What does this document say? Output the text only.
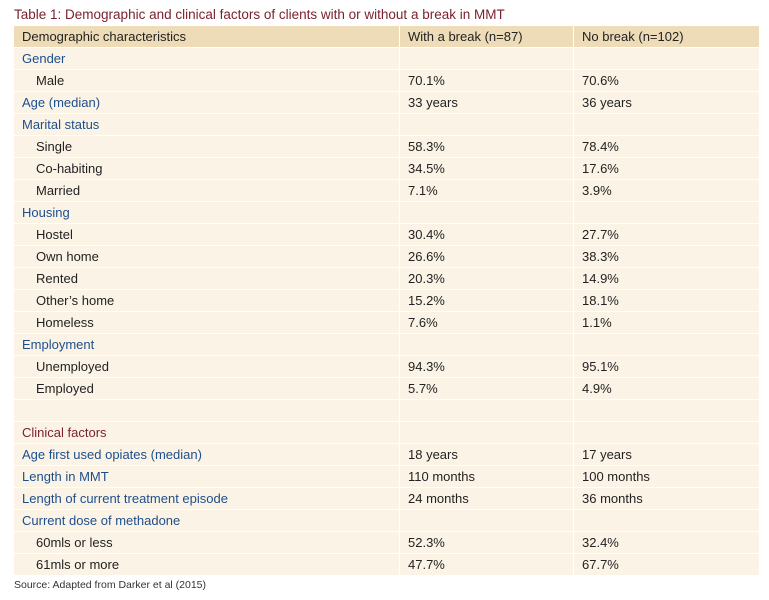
Table 1: Demographic and clinical factors of clients with or without a break in MMT
Demographic characteristics	With a break (n=87)	No break (n=102)
Gender		
Male	70.1%	70.6%
Age (median)	33 years	36 years
Marital status		
Single	58.3%	78.4%
Co-habiting	34.5%	17.6%
Married	7.1%	3.9%
Housing		
Hostel	30.4%	27.7%
Own home	26.6%	38.3%
Rented	20.3%	14.9%
Other’s home	15.2%	18.1%
Homeless	7.6%	1.1%
Employment		
Unemployed	94.3%	95.1%
Employed	5.7%	4.9%

Clinical factors		
Age first used opiates (median)	18 years	17 years
Length in MMT	110 months	100 months
Length of current treatment episode	24 months	36 months
Current dose of methadone		
60mls or less	52.3%	32.4%
61mls or more	47.7%	67.7%
Source: Adapted from Darker et al (2015)
